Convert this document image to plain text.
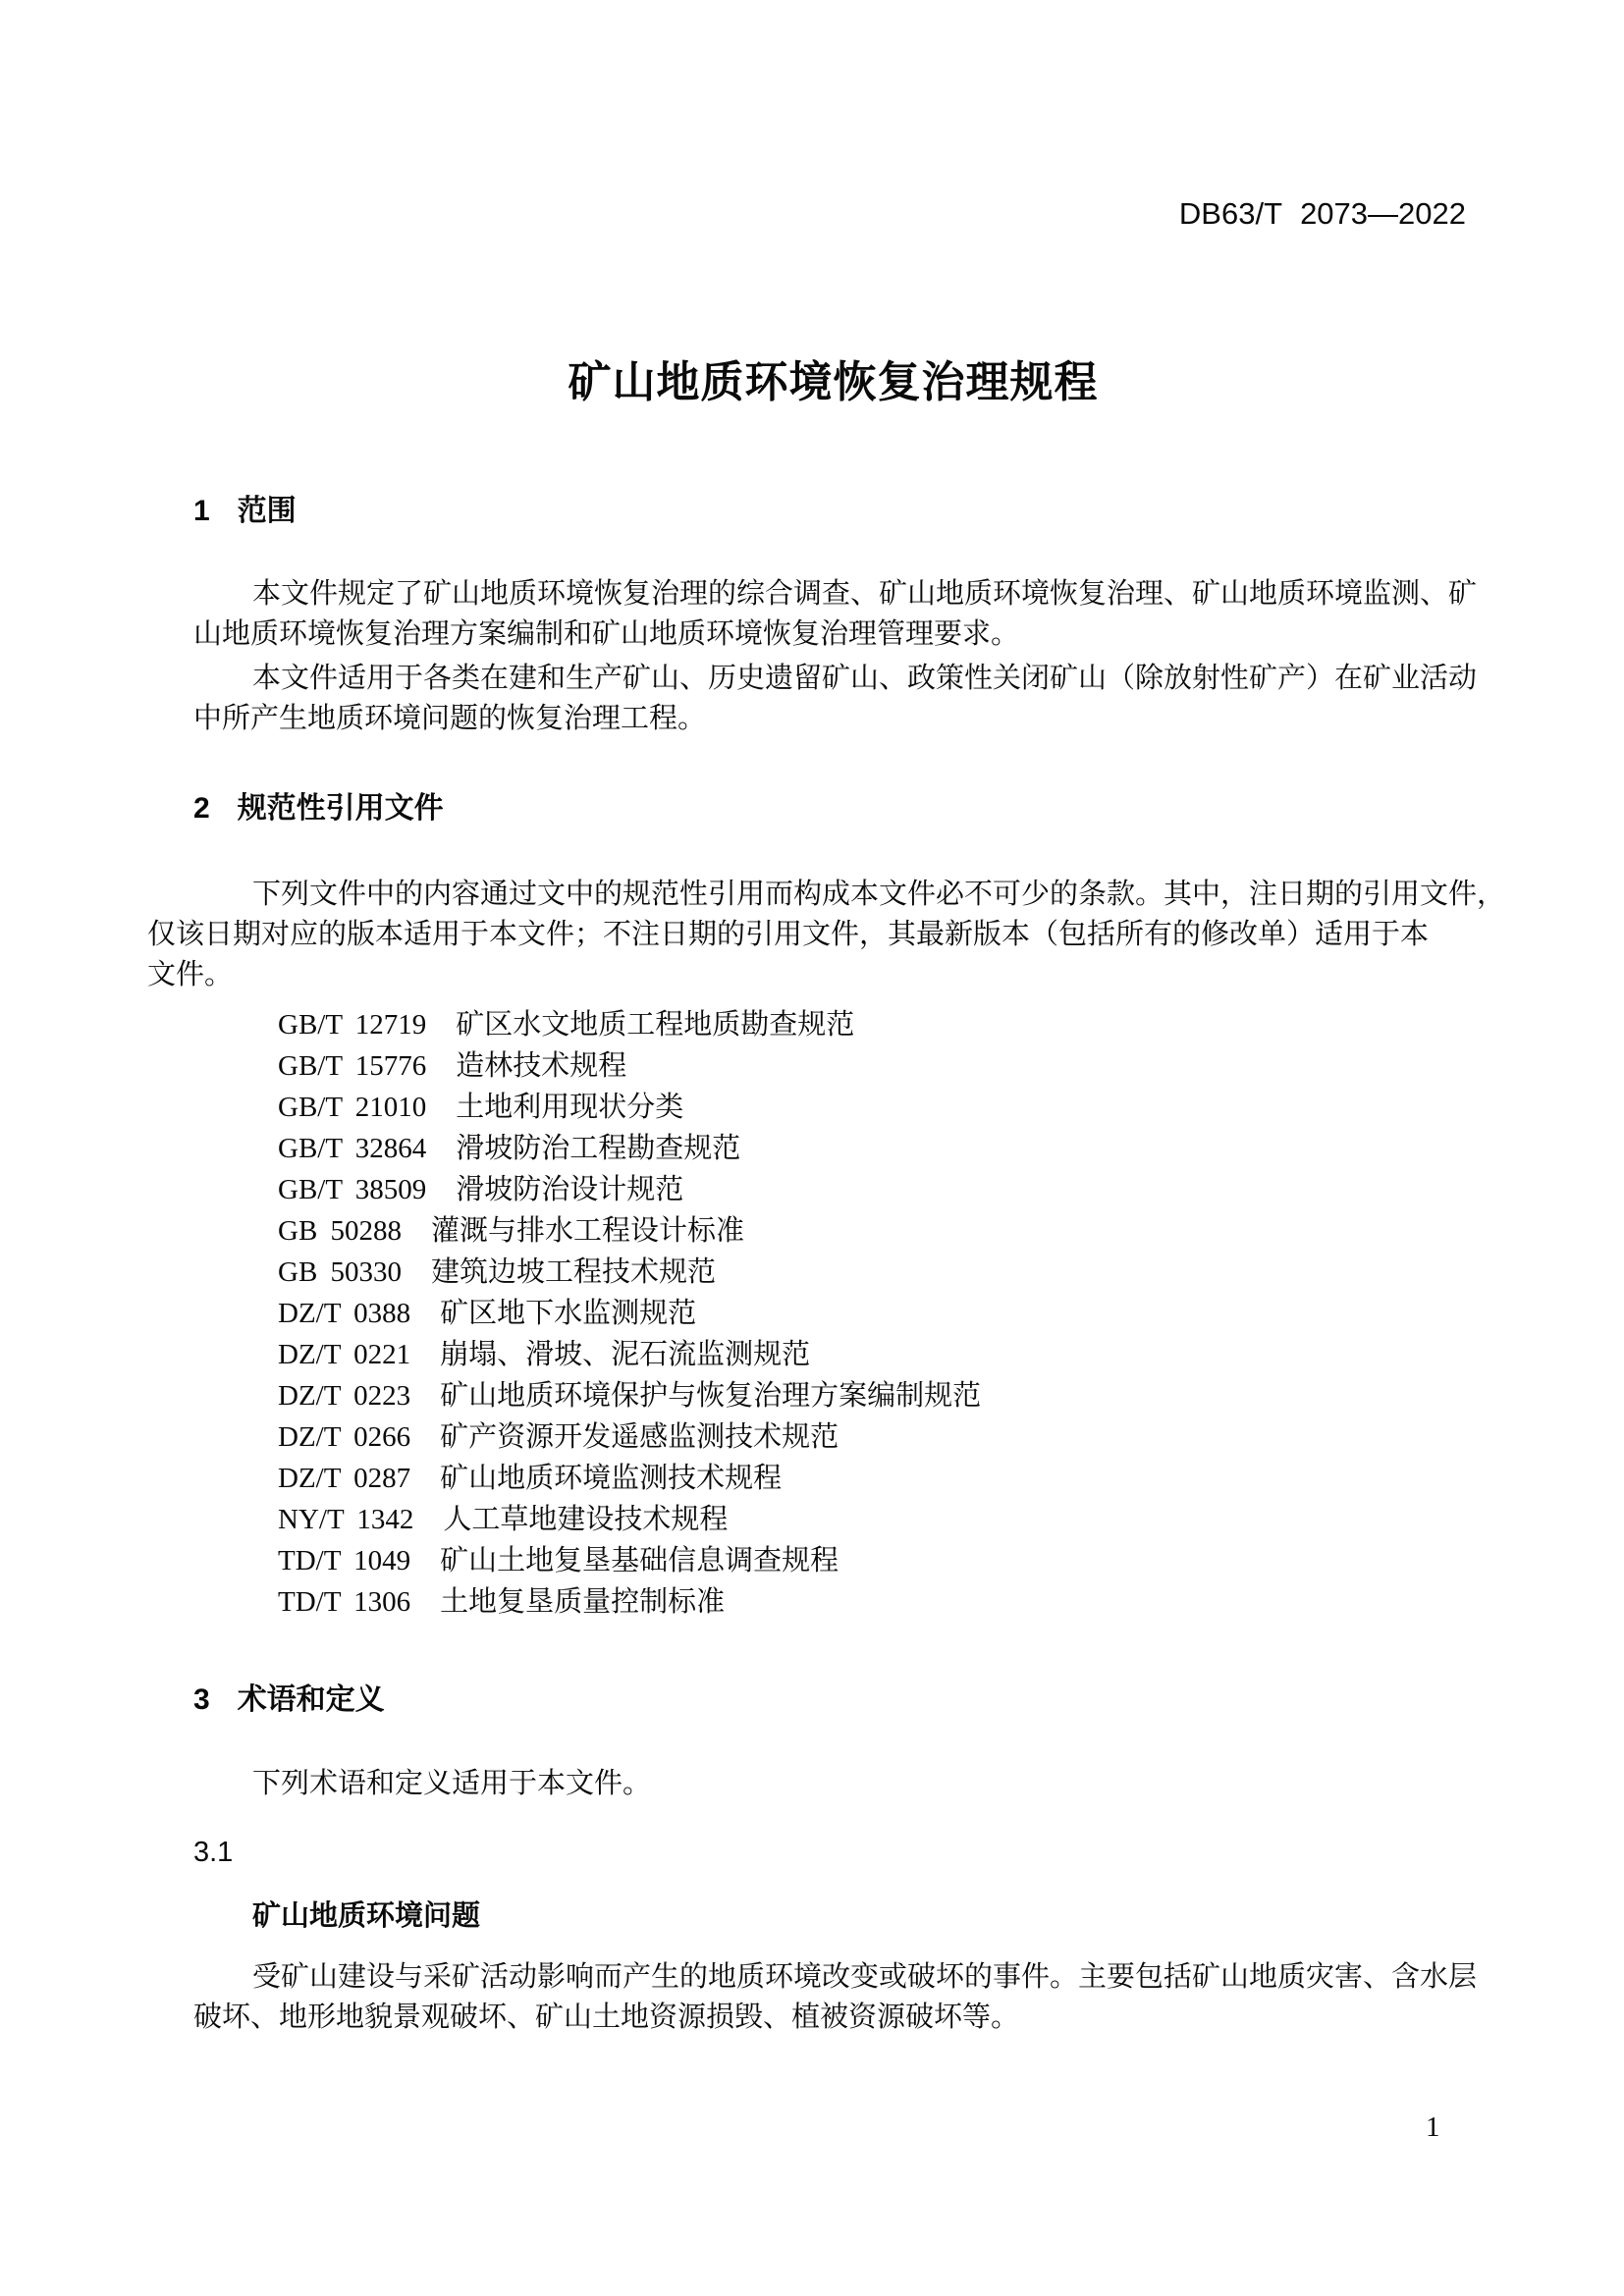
DB63/T 2073—2022
矿山地质环境恢复治理规程
1 范围
本文件规定了矿山地质环境恢复治理的综合调查、矿山地质环境恢复治理、矿山地质环境监测、矿
山地质环境恢复治理方案编制和矿山地质环境恢复治理管理要求。
本文件适用于各类在建和生产矿山、历史遗留矿山、政策性关闭矿山（除放射性矿产）在矿业活动
中所产生地质环境问题的恢复治理工程。
2 规范性引用文件
下列文件中的内容通过文中的规范性引用而构成本文件必不可少的条款。其中，注日期的引用文件，
仅该日期对应的版本适用于本文件；不注日期的引用文件，其最新版本（包括所有的修改单）适用于本
文件。
GB/T 12719 矿区水文地质工程地质勘查规范
GB/T 15776 造林技术规程
GB/T 21010 土地利用现状分类
GB/T 32864 滑坡防治工程勘查规范
GB/T 38509 滑坡防治设计规范
GB 50288 灌溉与排水工程设计标准
GB 50330 建筑边坡工程技术规范
DZ/T 0388 矿区地下水监测规范
DZ/T 0221 崩塌、滑坡、泥石流监测规范
DZ/T 0223 矿山地质环境保护与恢复治理方案编制规范
DZ/T 0266 矿产资源开发遥感监测技术规范
DZ/T 0287 矿山地质环境监测技术规程
NY/T 1342 人工草地建设技术规程
TD/T 1049 矿山土地复垦基础信息调查规程
TD/T 1306 土地复垦质量控制标准
3 术语和定义
下列术语和定义适用于本文件。
3.1
矿山地质环境问题
受矿山建设与采矿活动影响而产生的地质环境改变或破坏的事件。主要包括矿山地质灾害、含水层
破坏、地形地貌景观破坏、矿山土地资源损毁、植被资源破坏等。
1
